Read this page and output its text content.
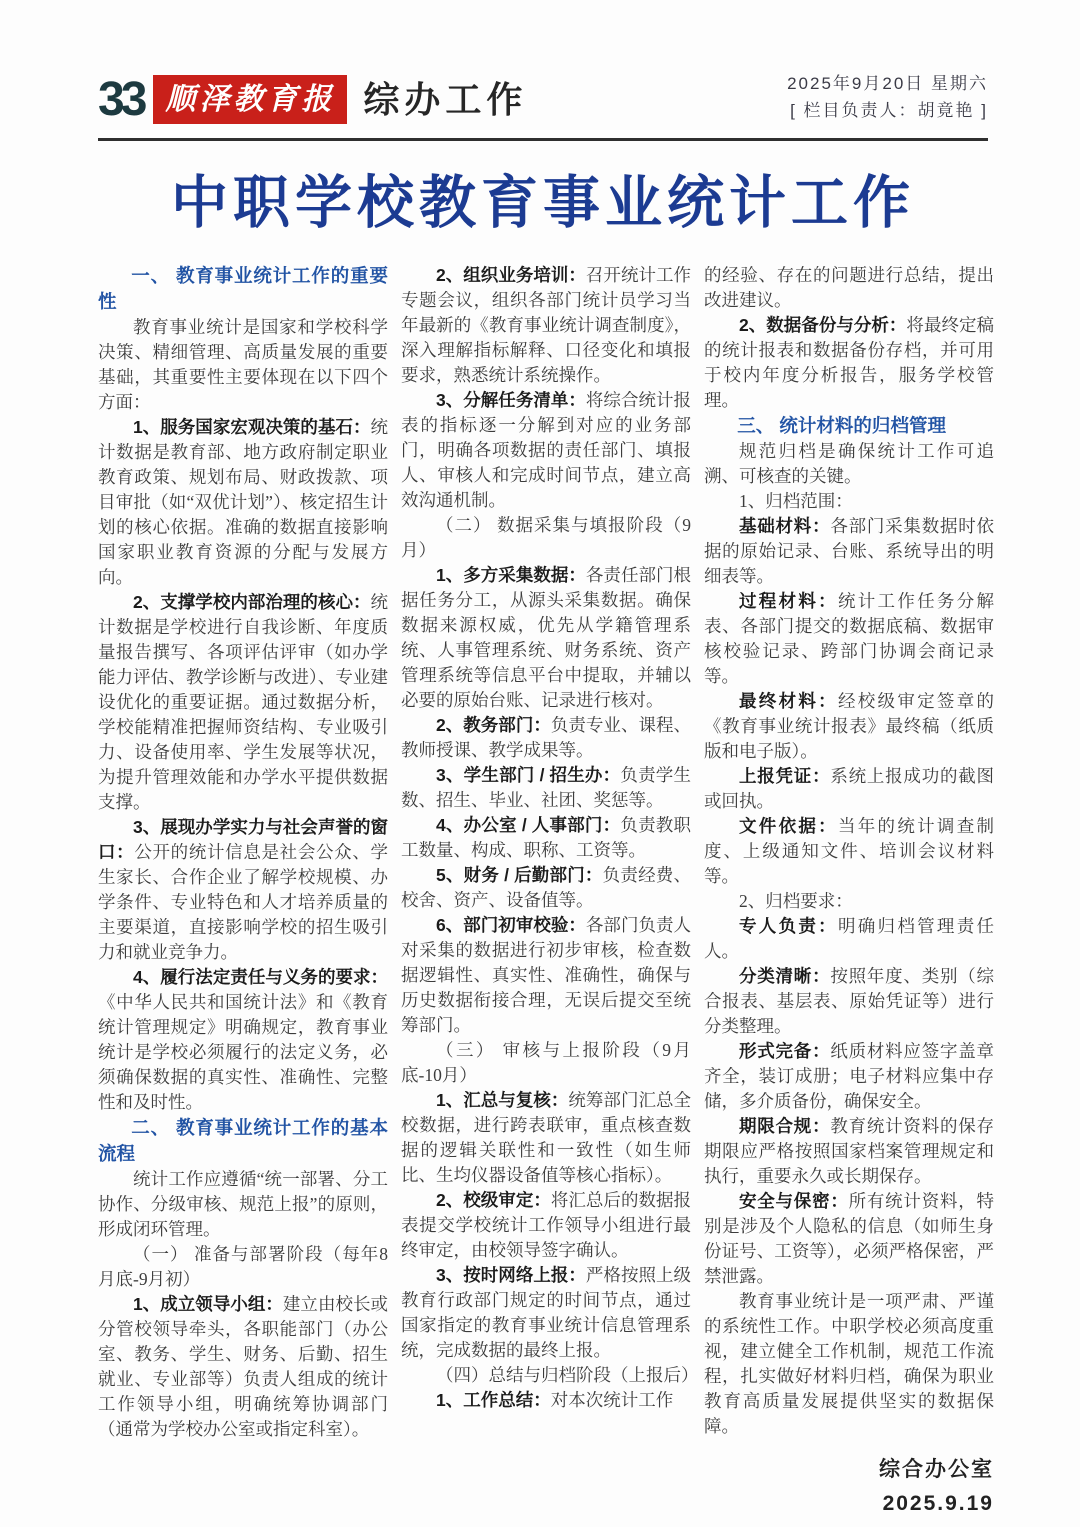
33 顺泽教育报 综办工作	2025年9月20日 星期六
[ 栏目负责人：胡竟艳 ]
中职学校教育事业统计工作

一、 教育事业统计工作的重要性

教育事业统计是国家和学校科学决策、精细管理、高质量发展的重要基础，其重要性主要体现在以下四个方面：

1、服务国家宏观决策的基石：统计数据是教育部、地方政府制定职业教育政策、规划布局、财政拨款、项目审批（如“双优计划”）、核定招生计划的核心依据。准确的数据直接影响国家职业教育资源的分配与发展方向。

2、支撑学校内部治理的核心：统计数据是学校进行自我诊断、年度质量报告撰写、各项评估评审（如办学能力评估、教学诊断与改进）、专业建设优化的重要证据。通过数据分析，学校能精准把握师资结构、专业吸引力、设备使用率、学生发展等状况，为提升管理效能和办学水平提供数据支撑。

3、展现办学实力与社会声誉的窗口：公开的统计信息是社会公众、学生家长、合作企业了解学校规模、办学条件、专业特色和人才培养质量的主要渠道，直接影响学校的招生吸引力和就业竞争力。

4、履行法定责任与义务的要求：《中华人民共和国统计法》和《教育统计管理规定》明确规定，教育事业统计是学校必须履行的法定义务，必须确保数据的真实性、准确性、完整性和及时性。

二、 教育事业统计工作的基本流程

统计工作应遵循“统一部署、分工协作、分级审核、规范上报”的原则，形成闭环管理。

（一） 准备与部署阶段（每年8月底-9月初）

1、成立领导小组：建立由校长或分管校领导牵头，各职能部门（办公室、教务、学生、财务、后勤、招生就业、专业部等）负责人组成的统计工作领导小组，明确统筹协调部门（通常为学校办公室或指定科室）。

2、组织业务培训：召开统计工作专题会议，组织各部门统计员学习当年最新的《教育事业统计调查制度》，深入理解指标解释、口径变化和填报要求，熟悉统计系统操作。

3、分解任务清单：将综合统计报表的指标逐一分解到对应的业务部门，明确各项数据的责任部门、填报人、审核人和完成时间节点，建立高效沟通机制。

（二） 数据采集与填报阶段（9月）

1、多方采集数据：各责任部门根据任务分工，从源头采集数据。确保数据来源权威，优先从学籍管理系统、人事管理系统、财务系统、资产管理系统等信息平台中提取，并辅以必要的原始台账、记录进行核对。

2、教务部门：负责专业、课程、教师授课、教学成果等。

3、学生部门 / 招生办：负责学生数、招生、毕业、社团、奖惩等。

4、办公室 / 人事部门：负责教职工数量、构成、职称、工资等。

5、财务 / 后勤部门：负责经费、校舍、资产、设备值等。

6、部门初审校验：各部门负责人对采集的数据进行初步审核，检查数据逻辑性、真实性、准确性，确保与历史数据衔接合理，无误后提交至统筹部门。

（三） 审核与上报阶段（9月底-10月）

1、汇总与复核：统筹部门汇总全校数据，进行跨表联审，重点核查数据的逻辑关联性和一致性（如生师比、生均仪器设备值等核心指标）。

2、校级审定：将汇总后的数据报表提交学校统计工作领导小组进行最终审定，由校领导签字确认。

3、按时网络上报：严格按照上级教育行政部门规定的时间节点，通过国家指定的教育事业统计信息管理系统，完成数据的最终上报。

（四）总结与归档阶段（上报后）

1、工作总结：对本次统计工作

的经验、存在的问题进行总结，提出改进建议。

2、数据备份与分析：将最终定稿的统计报表和数据备份存档，并可用于校内年度分析报告，服务学校管理。

三、 统计材料的归档管理

规范归档是确保统计工作可追溯、可核查的关键。

1、归档范围：

基础材料：各部门采集数据时依据的原始记录、台账、系统导出的明细表等。

过程材料：统计工作任务分解表、各部门提交的数据底稿、数据审核校验记录、跨部门协调会商记录等。

最终材料：经校级审定签章的《教育事业统计报表》最终稿（纸质版和电子版）。

上报凭证：系统上报成功的截图或回执。

文件依据：当年的统计调查制度、上级通知文件、培训会议材料等。

2、归档要求：

专人负责：明确归档管理责任人。

分类清晰：按照年度、类别（综合报表、基层表、原始凭证等）进行分类整理。

形式完备：纸质材料应签字盖章齐全，装订成册；电子材料应集中存储，多介质备份，确保安全。

期限合规：教育统计资料的保存期限应严格按照国家档案管理规定和执行，重要永久或长期保存。

安全与保密：所有统计资料，特别是涉及个人隐私的信息（如师生身份证号、工资等），必须严格保密，严禁泄露。

教育事业统计是一项严肃、严谨的系统性工作。中职学校必须高度重视，建立健全工作机制，规范工作流程，扎实做好材料归档，确保为职业教育高质量发展提供坚实的数据保障。

综合办公室

2025.9.19
